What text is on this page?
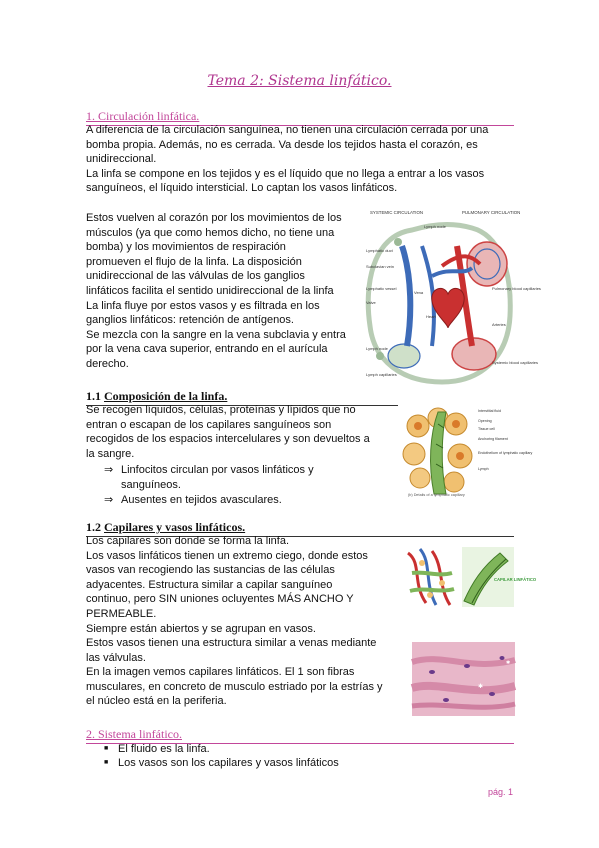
Tema 2: Sistema linfático.
1. Circulación linfática.
A diferencia de la circulación sanguínea, no tienen una circulación cerrada por una
bomba propia. Además, no es cerrada. Va desde los tejidos hasta el corazón, es
unidireccional.
La linfa se compone en los tejidos y es el líquido que no llega a entrar a los vasos
sanguíneos, el líquido intersticial. Lo captan los vasos linfáticos.
Estos vuelven al corazón por los movimientos de los
músculos (ya que como hemos dicho, no tiene una
bomba) y los movimientos de respiración
promueven el flujo de la linfa. La disposición
unidireccional de las válvulas de los ganglios
linfáticos facilita el sentido unidireccional de la linfa
La linfa fluye por estos vasos y es filtrada en los
ganglios linfáticos: retención de antígenos.
Se mezcla con la sangre en la vena subclavia y entra
por la vena cava superior, entrando en el aurícula
derecho.
SYSTEMIC CIRCULATION	PULMONARY CIRCULATION
Lymphatic duct
Subclavian vein
Lymphatic vessel
Valve
Vena
Heart
Lymph node
Lymph capillaries
Lymph node
Pulmonary blood capillaries
Arteries
Systemic blood capillaries
1.1 Composición de la linfa.
Se recogen líquidos, células, proteínas y lípidos que no
entran o escapan de los capilares sanguíneos son
recogidos de los espacios intercelulares y son devueltos a
la sangre.
⇒ Linfocitos circulan por vasos linfáticos y
sanguíneos.
⇒ Ausentes en tejidos avasculares.
Interstitial fluid
Opening
Tissue cell
Anchoring filament
Endothelium of lymphatic capillary
Lymph
(b) Details of a lymphatic capillary
1.2 Capilares y vasos linfáticos.
Los capilares son donde se forma la linfa.
Los vasos linfáticos tienen un extremo ciego, donde estos
vasos van recogiendo las sustancias de las células
adyacentes. Estructura similar a capilar sanguíneo
continuo, pero SIN uniones ocluyentes MÁS ANCHO Y
PERMEABLE.
Siempre están abiertos y se agrupan en vasos.
Estos vasos tienen una estructura similar a venas mediante
las válvulas.
En la imagen vemos capilares linfáticos. El 1 son fibras
musculares, en concreto de musculo estriado por la estrías y
el núcleo está en la periferia.
CAPILAR LINFÁTICO
✱
✱
2. Sistema linfático.
■ El fluido es la linfa.
■ Los vasos son los capilares y vasos linfáticos
pág. 1
